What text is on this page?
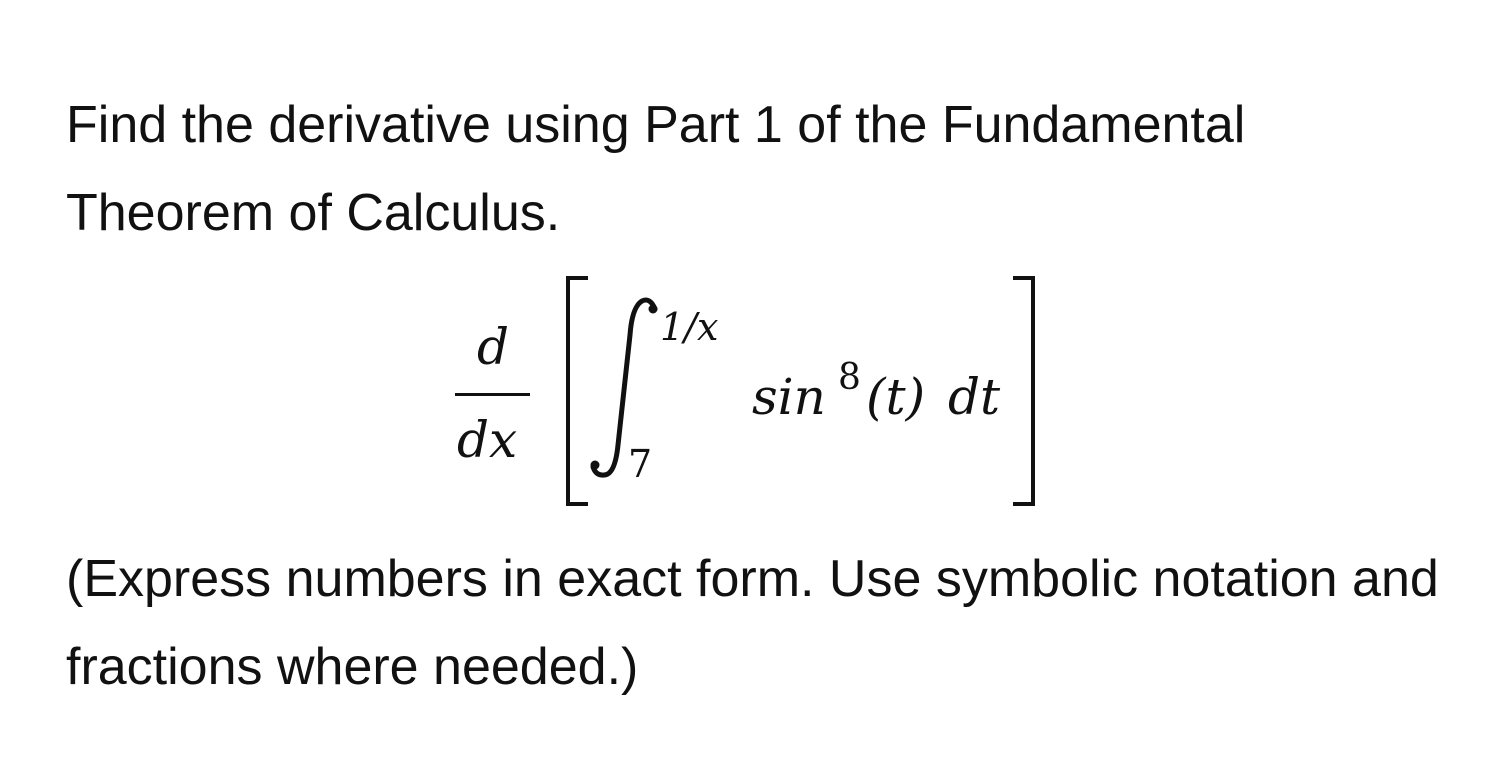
Find the derivative using Part 1 of the Fundamental Theorem of Calculus.

d
dx
1/x
7
sin 8 (t) dt

(Express numbers in exact form. Use symbolic notation and fractions where needed.)
